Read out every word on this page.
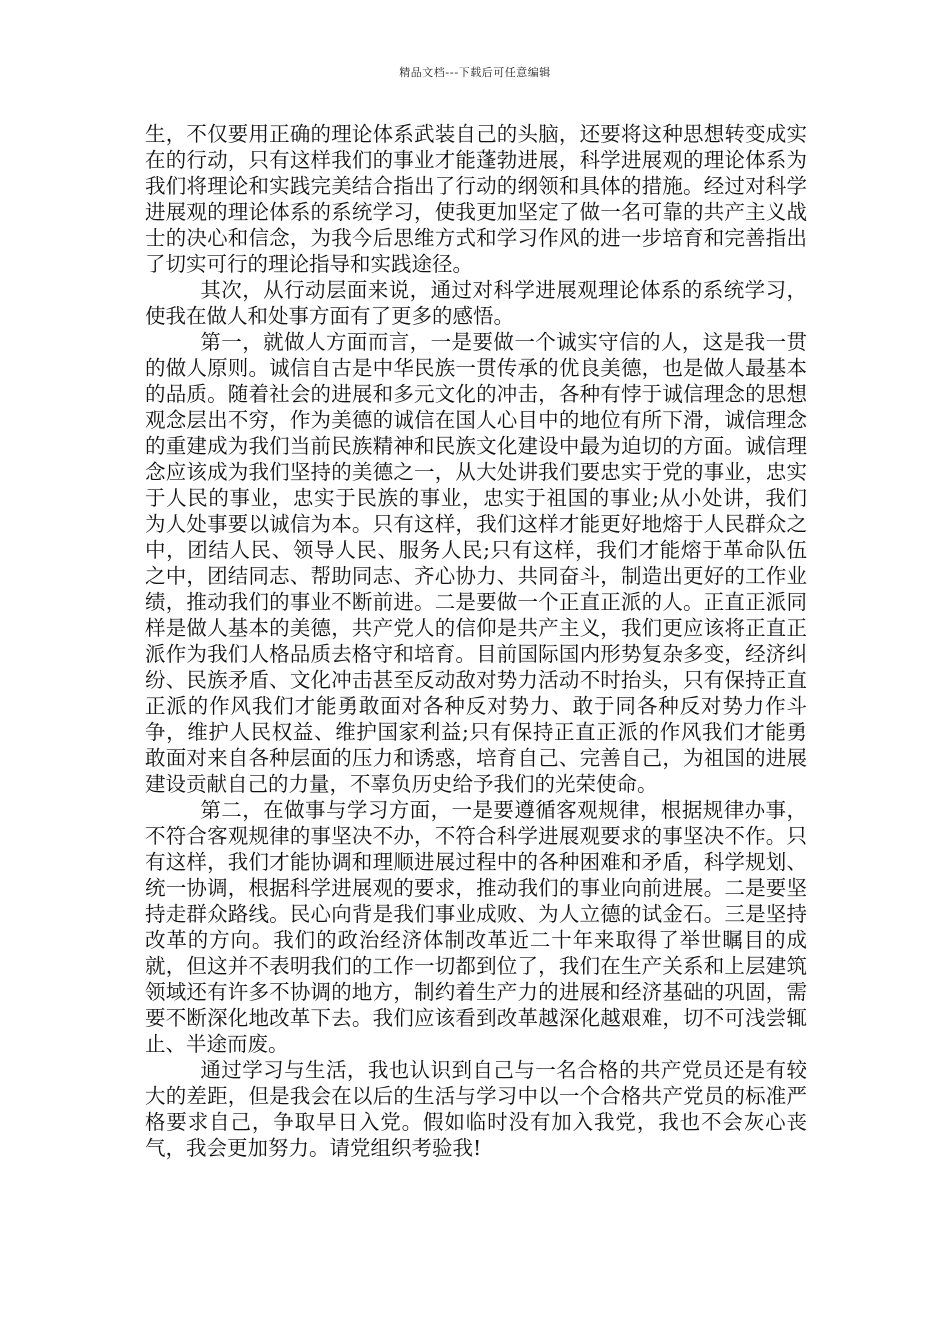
精品文档---下载后可任意编辑

生，不仅要用正确的理论体系武装自己的头脑，还要将这种思想转变成实在的行动，只有这样我们的事业才能蓬勃进展，科学进展观的理论体系为我们将理论和实践完美结合指出了行动的纲领和具体的措施。经过对科学进展观的理论体系的系统学习，使我更加坚定了做一名可靠的共产主义战士的决心和信念，为我今后思维方式和学习作风的进一步培育和完善指出了切实可行的理论指导和实践途径。

其次，从行动层面来说，通过对科学进展观理论体系的系统学习，使我在做人和处事方面有了更多的感悟。

第一，就做人方面而言，一是要做一个诚实守信的人，这是我一贯的做人原则。诚信自古是中华民族一贯传承的优良美德，也是做人最基本的品质。随着社会的进展和多元文化的冲击，各种有悖于诚信理念的思想观念层出不穷，作为美德的诚信在国人心目中的地位有所下滑，诚信理念的重建成为我们当前民族精神和民族文化建设中最为迫切的方面。诚信理念应该成为我们坚持的美德之一，从大处讲我们要忠实于党的事业，忠实于人民的事业，忠实于民族的事业，忠实于祖国的事业;从小处讲，我们为人处事要以诚信为本。只有这样，我们这样才能更好地熔于人民群众之中，团结人民、领导人民、服务人民;只有这样，我们才能熔于革命队伍之中，团结同志、帮助同志、齐心协力、共同奋斗，制造出更好的工作业绩，推动我们的事业不断前进。二是要做一个正直正派的人。正直正派同样是做人基本的美德，共产党人的信仰是共产主义，我们更应该将正直正派作为我们人格品质去格守和培育。目前国际国内形势复杂多变，经济纠纷、民族矛盾、文化冲击甚至反动敌对势力活动不时抬头，只有保持正直正派的作风我们才能勇敢面对各种反对势力、敢于同各种反对势力作斗争，维护人民权益、维护国家利益;只有保持正直正派的作风我们才能勇敢面对来自各种层面的压力和诱惑，培育自己、完善自己，为祖国的进展建设贡献自己的力量，不辜负历史给予我们的光荣使命。

第二，在做事与学习方面，一是要遵循客观规律，根据规律办事，不符合客观规律的事坚决不办，不符合科学进展观要求的事坚决不作。只有这样，我们才能协调和理顺进展过程中的各种困难和矛盾，科学规划、统一协调，根据科学进展观的要求，推动我们的事业向前进展。二是要坚持走群众路线。民心向背是我们事业成败、为人立德的试金石。三是坚持改革的方向。我们的政治经济体制改革近二十年来取得了举世瞩目的成就，但这并不表明我们的工作一切都到位了，我们在生产关系和上层建筑领域还有许多不协调的地方，制约着生产力的进展和经济基础的巩固，需要不断深化地改革下去。我们应该看到改革越深化越艰难，切不可浅尝辄止、半途而废。

通过学习与生活，我也认识到自己与一名合格的共产党员还是有较大的差距，但是我会在以后的生活与学习中以一个合格共产党员的标准严格要求自己，争取早日入党。假如临时没有加入我党，我也不会灰心丧气，我会更加努力。请党组织考验我!
